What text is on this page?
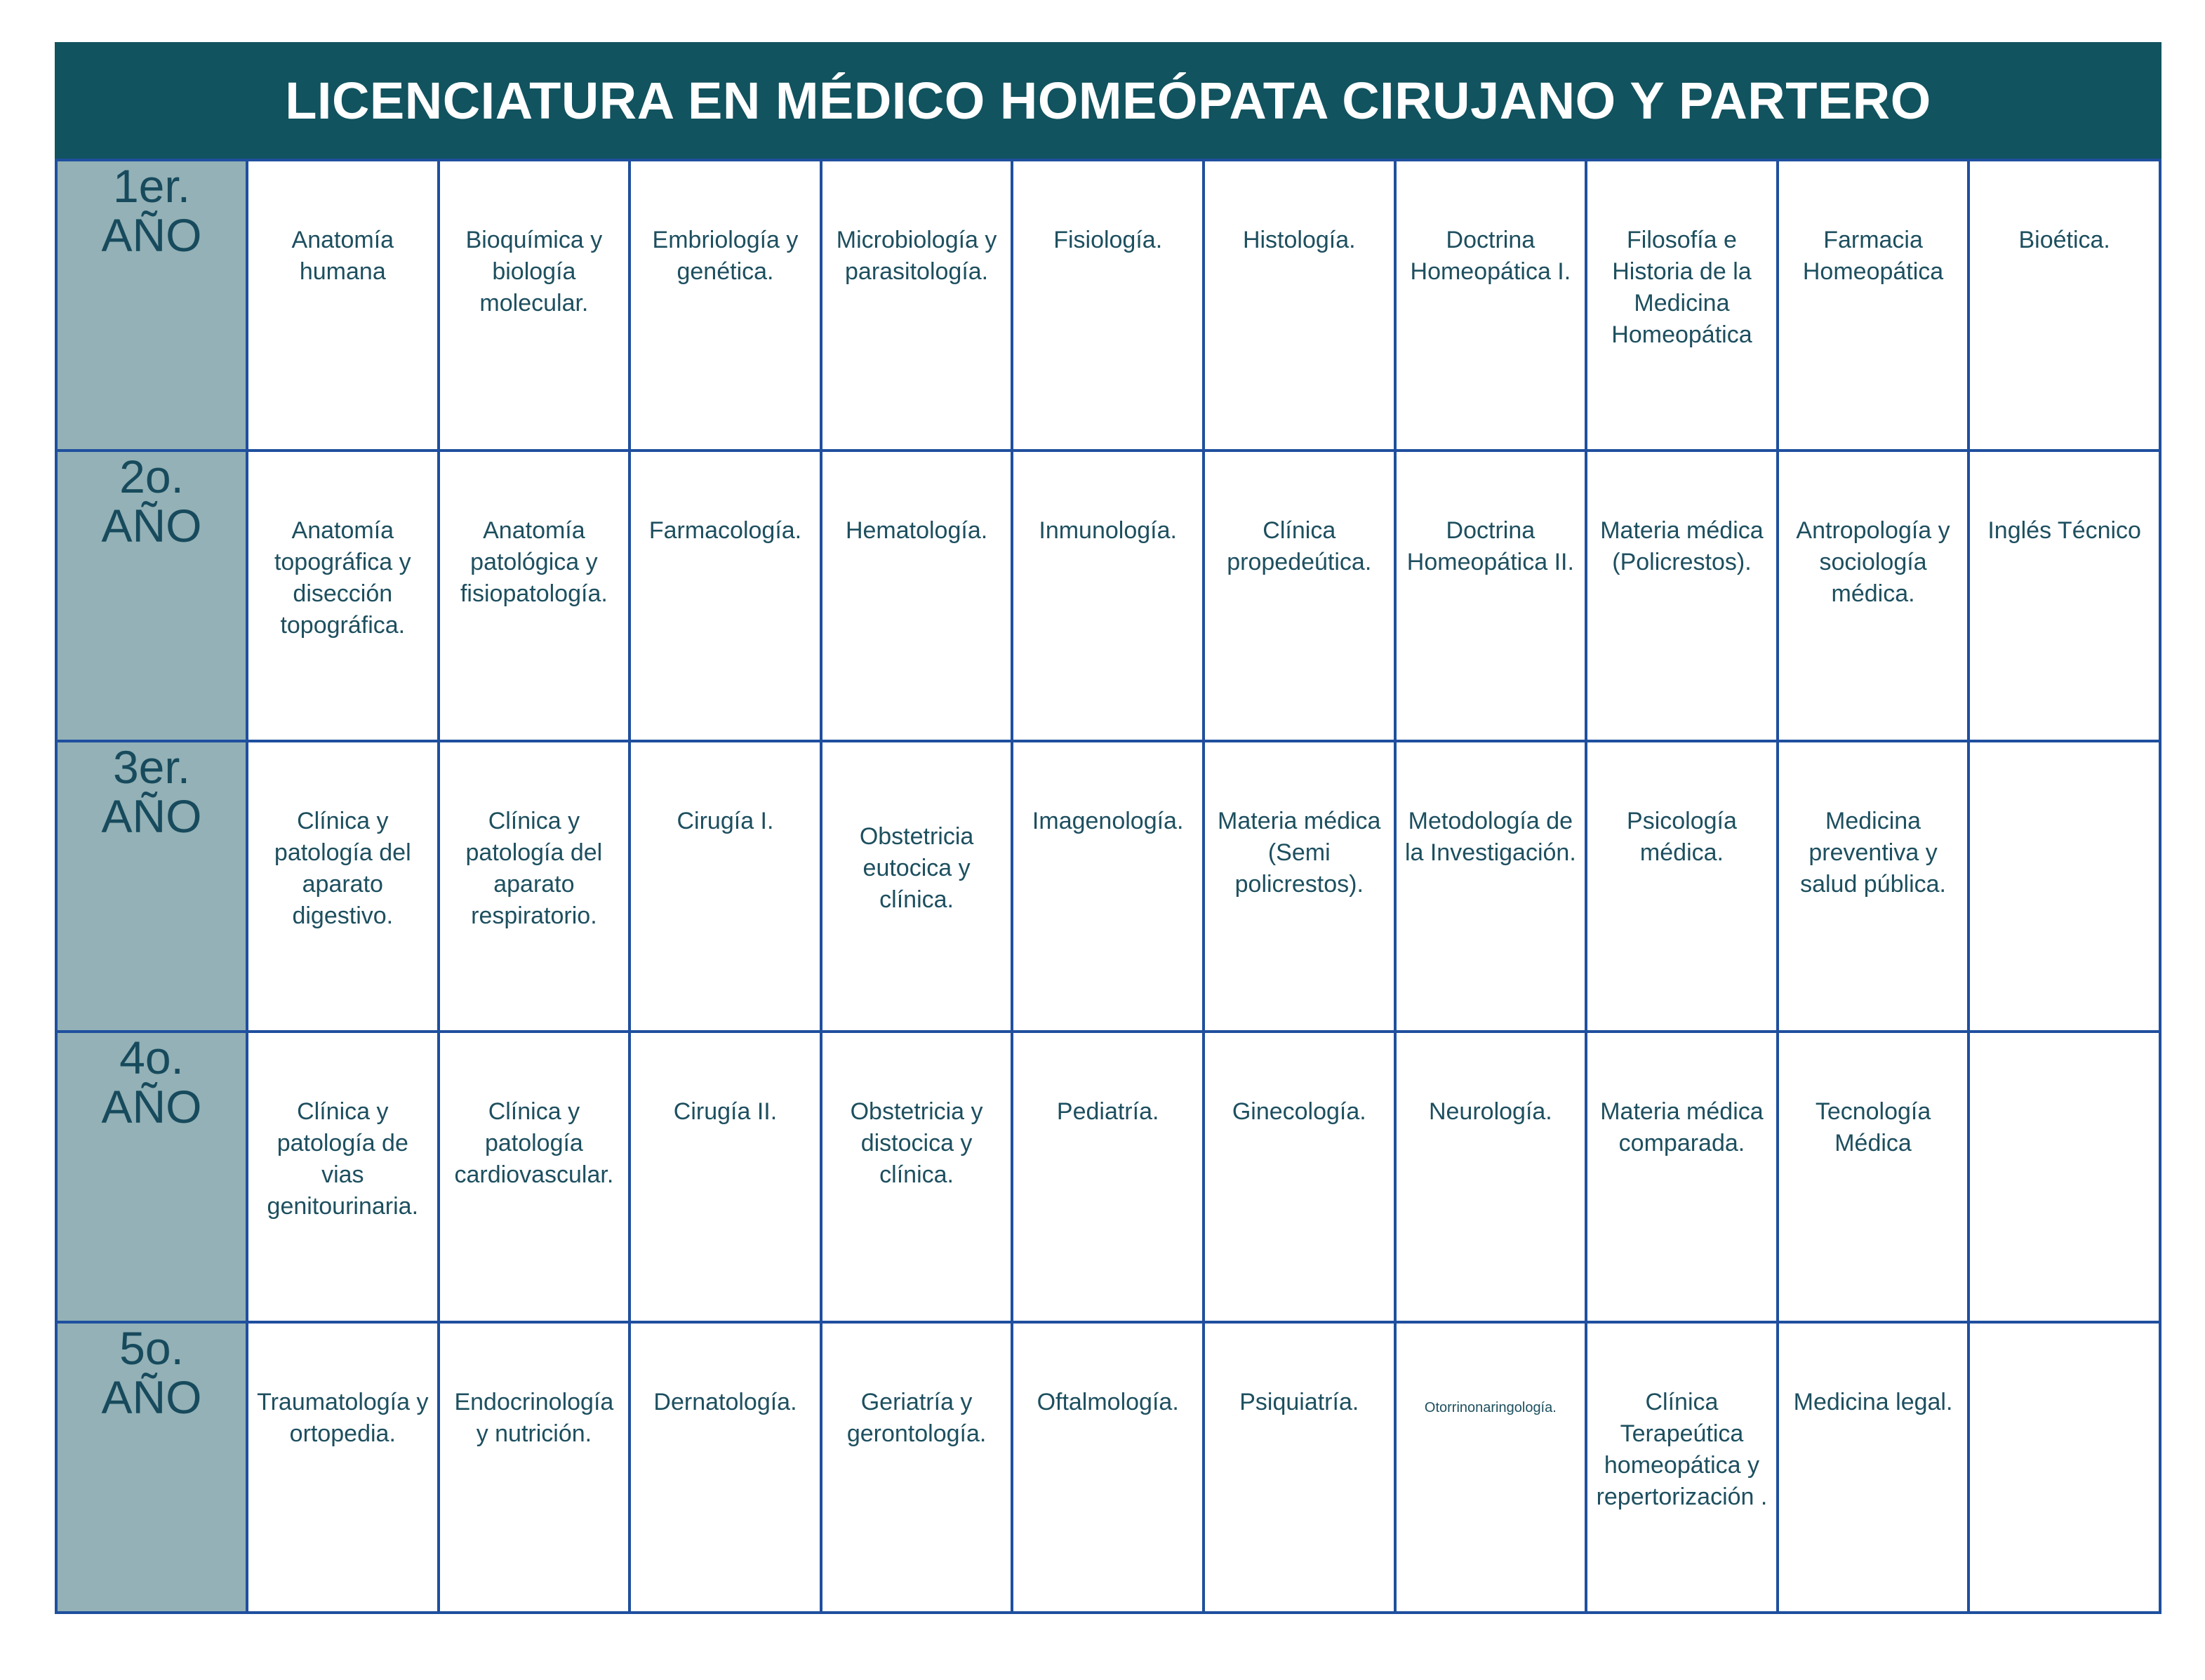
LICENCIATURA EN MÉDICO HOMEÓPATA CIRUJANO Y PARTERO
1er.
AÑO	Anatomía humana	Bioquímica y biología molecular.	Embriología y genética.	Microbiología y parasitología.	Fisiología.	Histología.	Doctrina Homeopática I.	Filosofía e Historia de la Medicina Homeopática	Farmacia Homeopática	Bioética.

2o.
AÑO	Anatomía topográfica y disección topográfica.	Anatomía patológica y fisiopatología.	Farmacología.	Hematología.	Inmunología.	Clínica propedeútica.	Doctrina Homeopática II.	Materia médica (Policrestos).	Antropología y sociología médica.	Inglés Técnico

3er.
AÑO	Clínica y patología del aparato digestivo.	Clínica y patología del aparato respiratorio.	Cirugía I.	Obstetricia eutocica y clínica.	Imagenología.	Materia médica (Semi policrestos).	Metodología de la Investigación.	Psicología médica.	Medicina preventiva y salud pública.	

4o.
AÑO	Clínica y patología de vias genitourinaria.	Clínica y patología cardiovascular.	Cirugía II.	Obstetricia y distocica y clínica.	Pediatría.	Ginecología.	Neurología.	Materia médica comparada.	Tecnología Médica	

5o.
AÑO	Traumatología y ortopedia.	Endocrinología y nutrición.	Dernatología.	Geriatría y gerontología.	Oftalmología.	Psiquiatría.	Otorrinonaringología.	Clínica Terapeútica homeopática y repertorización .	Medicina legal.	
